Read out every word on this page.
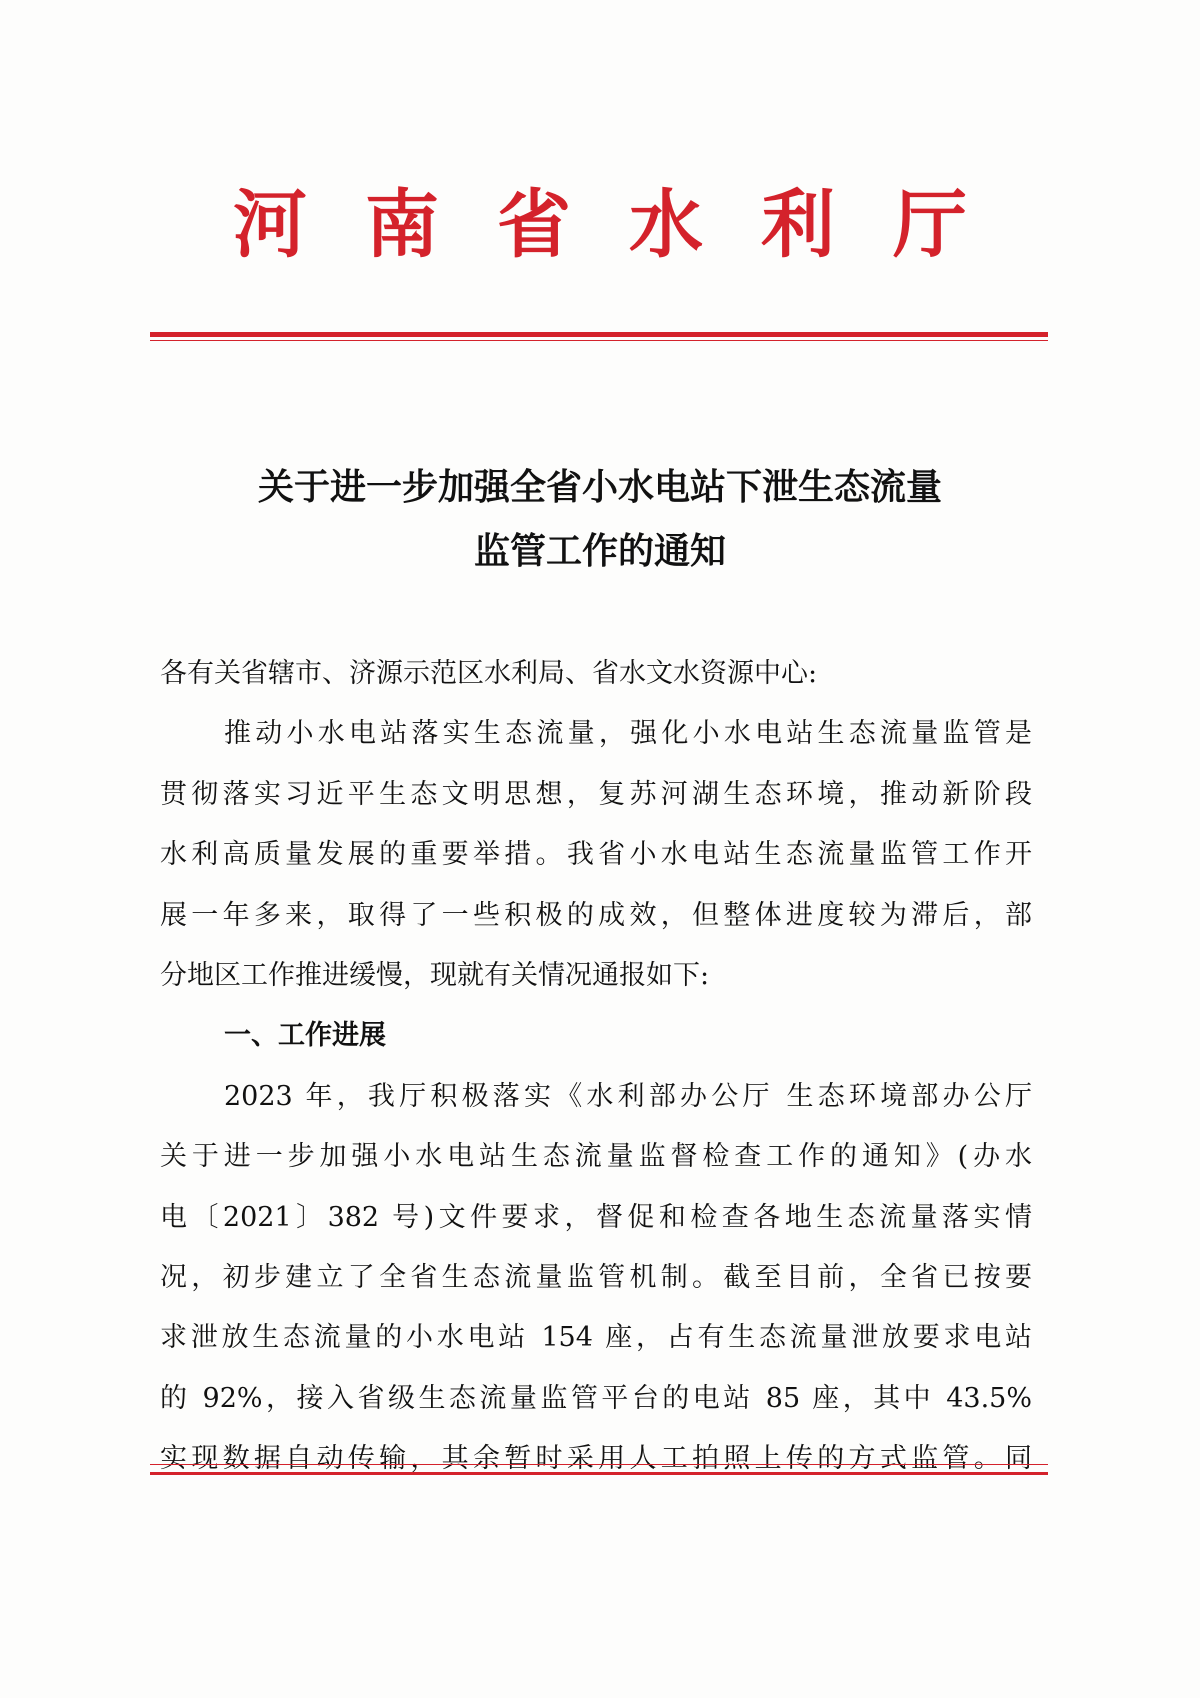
河南省水利厅
关于进一步加强全省小水电站下泄生态流量
监管工作的通知
各有关省辖市、济源示范区水利局、省水文水资源中心:
推动小水电站落实生态流量，强化小水电站生态流量监管是
贯彻落实习近平生态文明思想，复苏河湖生态环境，推动新阶段
水利高质量发展的重要举措。我省小水电站生态流量监管工作开
展一年多来，取得了一些积极的成效，但整体进度较为滞后，部
分地区工作推进缓慢，现就有关情况通报如下:
一、工作进展
2023 年，我厅积极落实《水利部办公厅 生态环境部办公厅
关于进一步加强小水电站生态流量监督检查工作的通知》(办水
电〔2021〕382 号)文件要求，督促和检查各地生态流量落实情
况，初步建立了全省生态流量监管机制。截至目前，全省已按要
求泄放生态流量的小水电站 154 座，占有生态流量泄放要求电站
的 92%，接入省级生态流量监管平台的电站 85 座，其中 43.5%
实现数据自动传输，其余暂时采用人工拍照上传的方式监管。同
